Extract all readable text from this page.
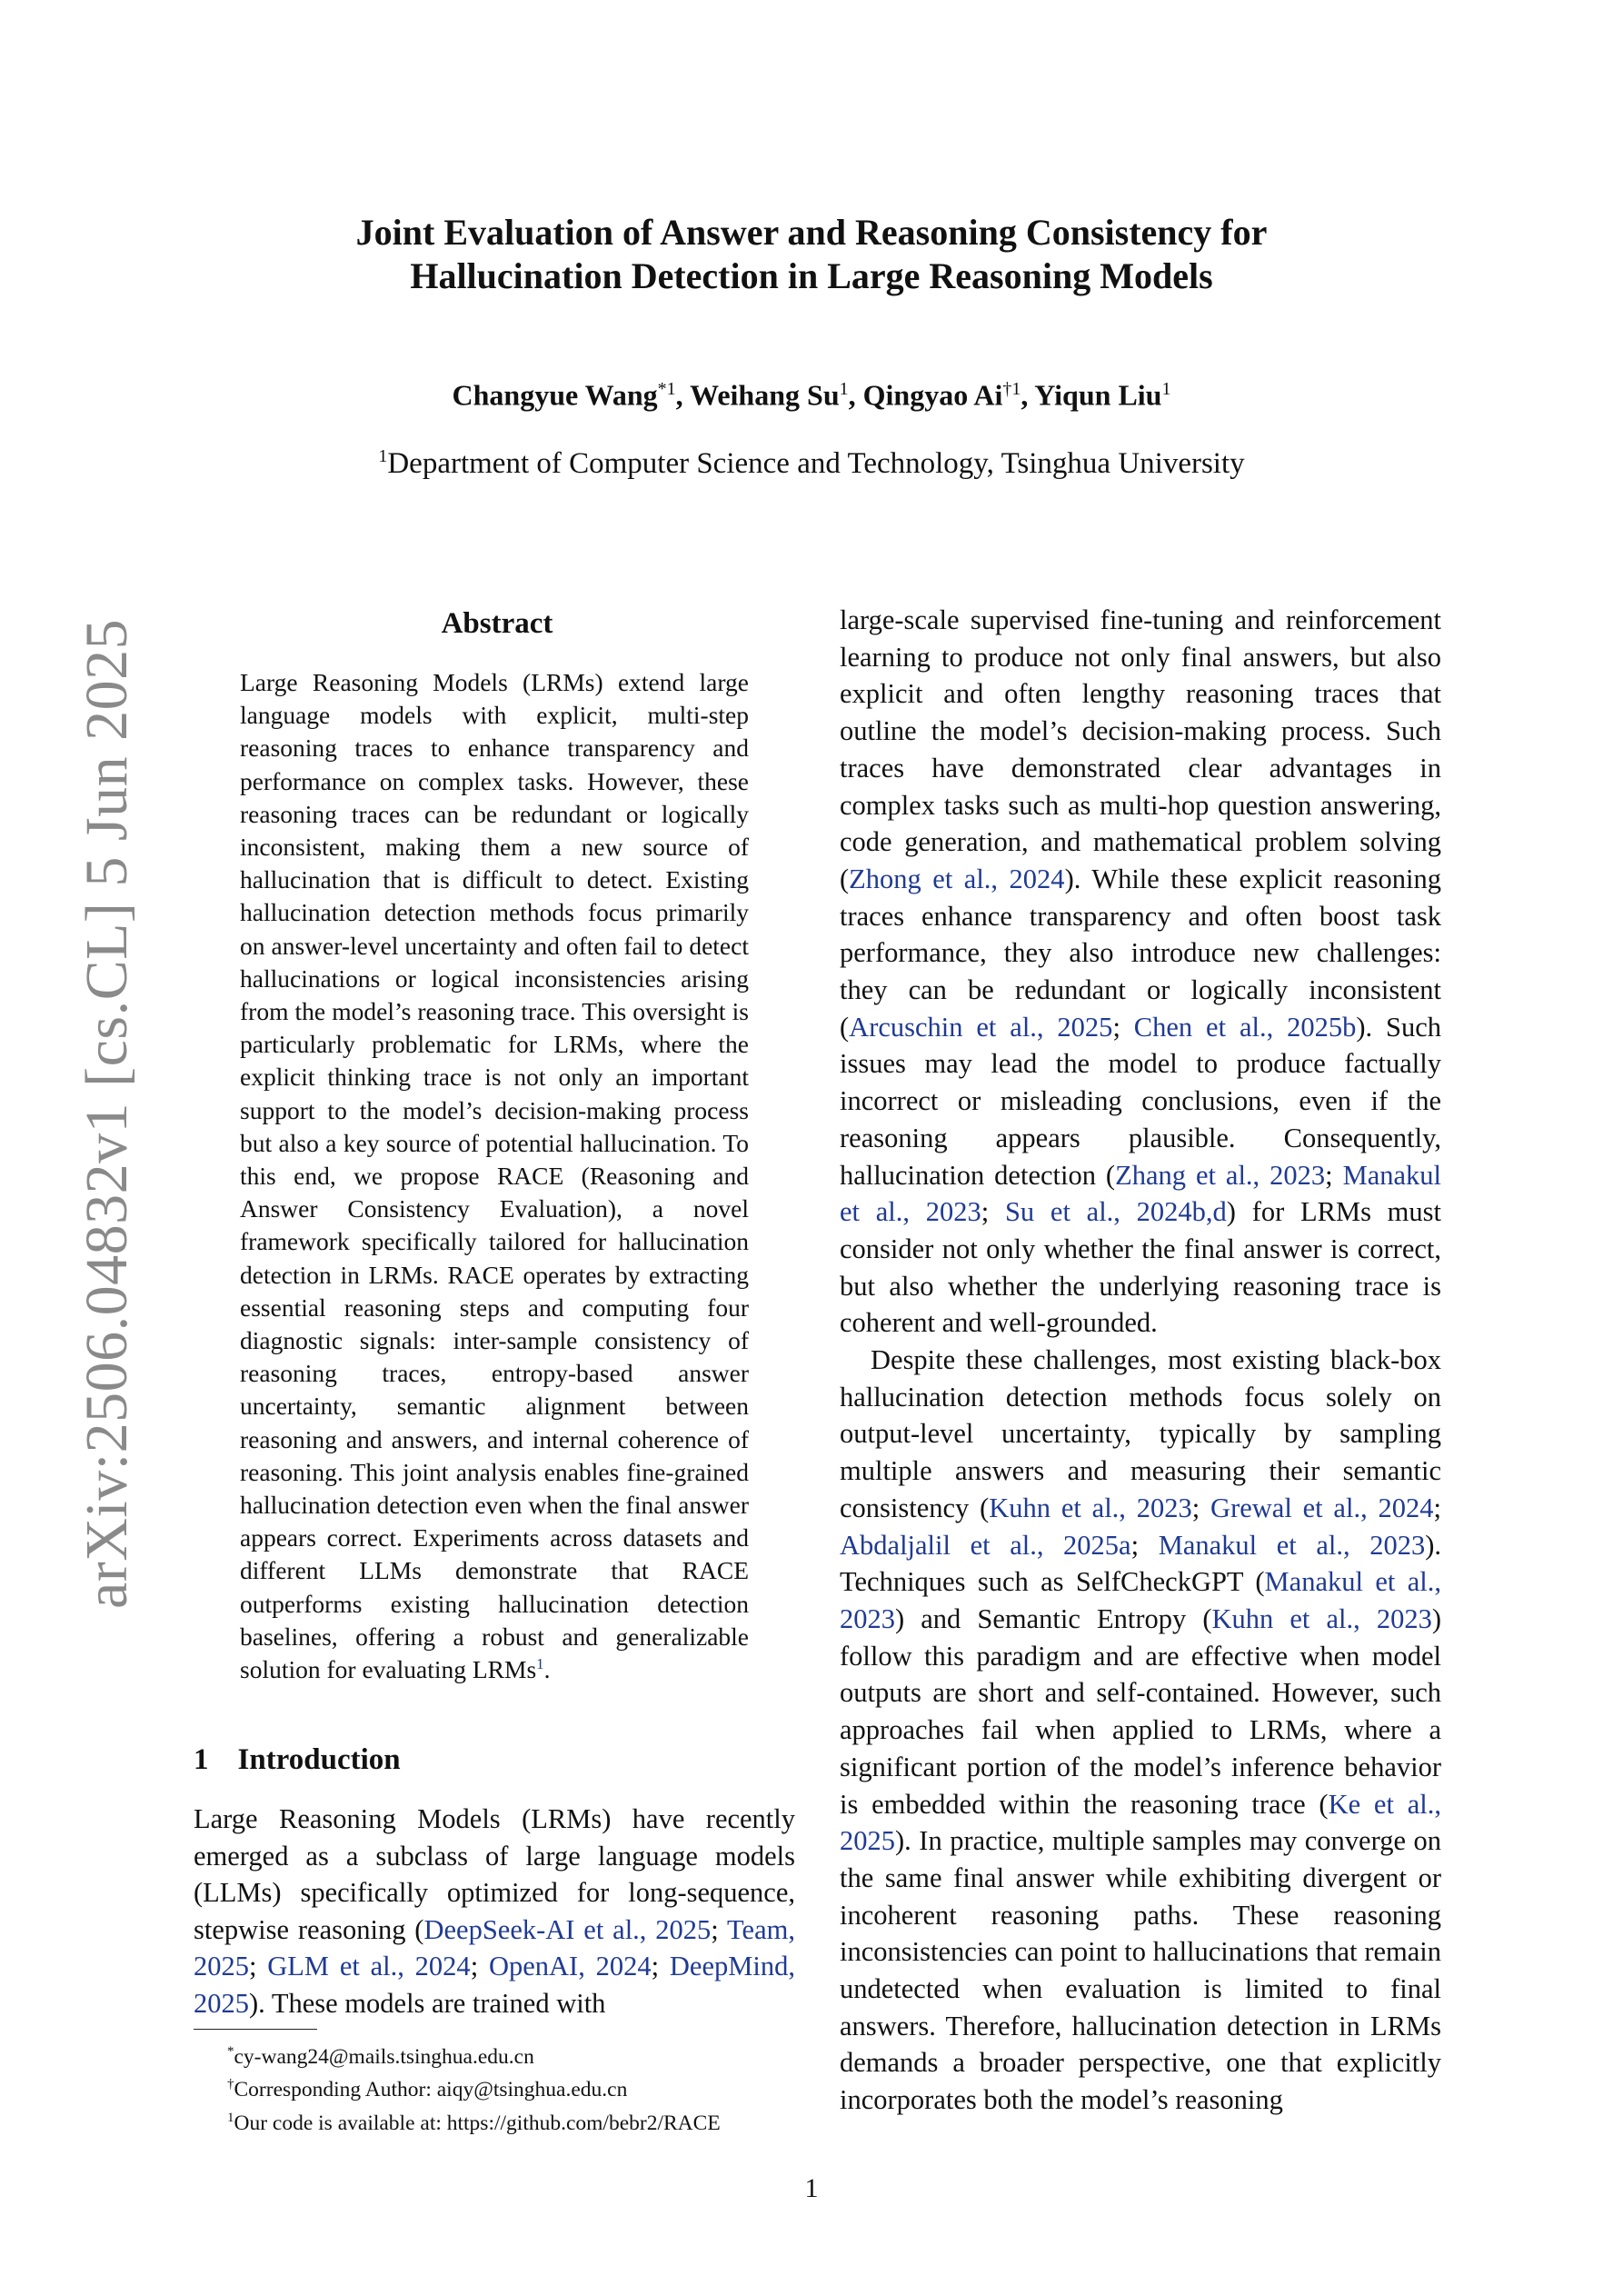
Joint Evaluation of Answer and Reasoning Consistency for
Hallucination Detection in Large Reasoning Models
Changyue Wang$^{*1}$, Weihang Su$^1$, Qingyao Ai$^{\dagger 1}$, Yiqun Liu$^1$
$^1$Department of Computer Science and Technology, Tsinghua University
arXiv:2506.04832v1 [cs.CL] 5 Jun 2025	Abstract
Large Reasoning Models (LRMs) extend large language models with explicit, multi-step reasoning traces to enhance transparency and performance on complex tasks. However, these reasoning traces can be redundant or logically inconsistent, making them a new source of hallucination that is difficult to detect. Existing hallucination detection methods focus primarily on answer-level uncertainty and often fail to detect hallucinations or logical inconsistencies arising from the model’s reasoning trace. This oversight is particularly problematic for LRMs, where the explicit thinking trace is not only an important support to the model’s decision-making process but also a key source of potential hallucination. To this end, we propose RACE (Reasoning and Answer Consistency Evaluation), a novel framework specifically tailored for hallucination detection in LRMs. RACE operates by extracting essential reasoning steps and computing four diagnostic signals: inter-sample consistency of reasoning traces, entropy-based answer uncertainty, semantic alignment between reasoning and answers, and internal coherence of reasoning. This joint analysis enables fine-grained hallucination detection even when the final answer appears correct. Experiments across datasets and different LLMs demonstrate that RACE outperforms existing hallucination detection baselines, offering a robust and generalizable solution for evaluating LRMs$^1$.
1 Introduction
Large Reasoning Models (LRMs) have recently emerged as a subclass of large language models (LLMs) specifically optimized for long-sequence, stepwise reasoning (DeepSeek-AI et al., 2025; Team, 2025; GLM et al., 2024; OpenAI, 2024; DeepMind, 2025). These models are trained with

large-scale supervised fine-tuning and reinforcement learning to produce not only final answers, but also explicit and often lengthy reasoning traces that outline the model’s decision-making process. Such traces have demonstrated clear advantages in complex tasks such as multi-hop question answering, code generation, and mathematical problem solving (Zhong et al., 2024). While these explicit reasoning traces enhance transparency and often boost task performance, they also introduce new challenges: they can be redundant or logically inconsistent (Arcuschin et al., 2025; Chen et al., 2025b). Such issues may lead the model to produce factually incorrect or misleading conclusions, even if the reasoning appears plausible. Consequently, hallucination detection (Zhang et al., 2023; Manakul et al., 2023; Su et al., 2024b,d) for LRMs must consider not only whether the final answer is correct, but also whether the underlying reasoning trace is coherent and well-grounded.

Despite these challenges, most existing black-box hallucination detection methods focus solely on output-level uncertainty, typically by sampling multiple answers and measuring their semantic consistency (Kuhn et al., 2023; Grewal et al., 2024; Abdaljalil et al., 2025a; Manakul et al., 2023). Techniques such as SelfCheckGPT (Manakul et al., 2023) and Semantic Entropy (Kuhn et al., 2023) follow this paradigm and are effective when model outputs are short and self-contained. However, such approaches fail when applied to LRMs, where a significant portion of the model’s inference behavior is embedded within the reasoning trace (Ke et al., 2025). In practice, multiple samples may converge on the same final answer while exhibiting divergent or incoherent reasoning paths. These reasoning inconsistencies can point to hallucinations that remain undetected when evaluation is limited to final answers. Therefore, hallucination detection in LRMs demands a broader perspective, one that explicitly incorporates both the model’s reasoning

*cy-wang24@mails.tsinghua.edu.cn
†Corresponding Author: aiqy@tsinghua.edu.cn
$^1$Our code is available at: https://github.com/bebr2/RACE
1
